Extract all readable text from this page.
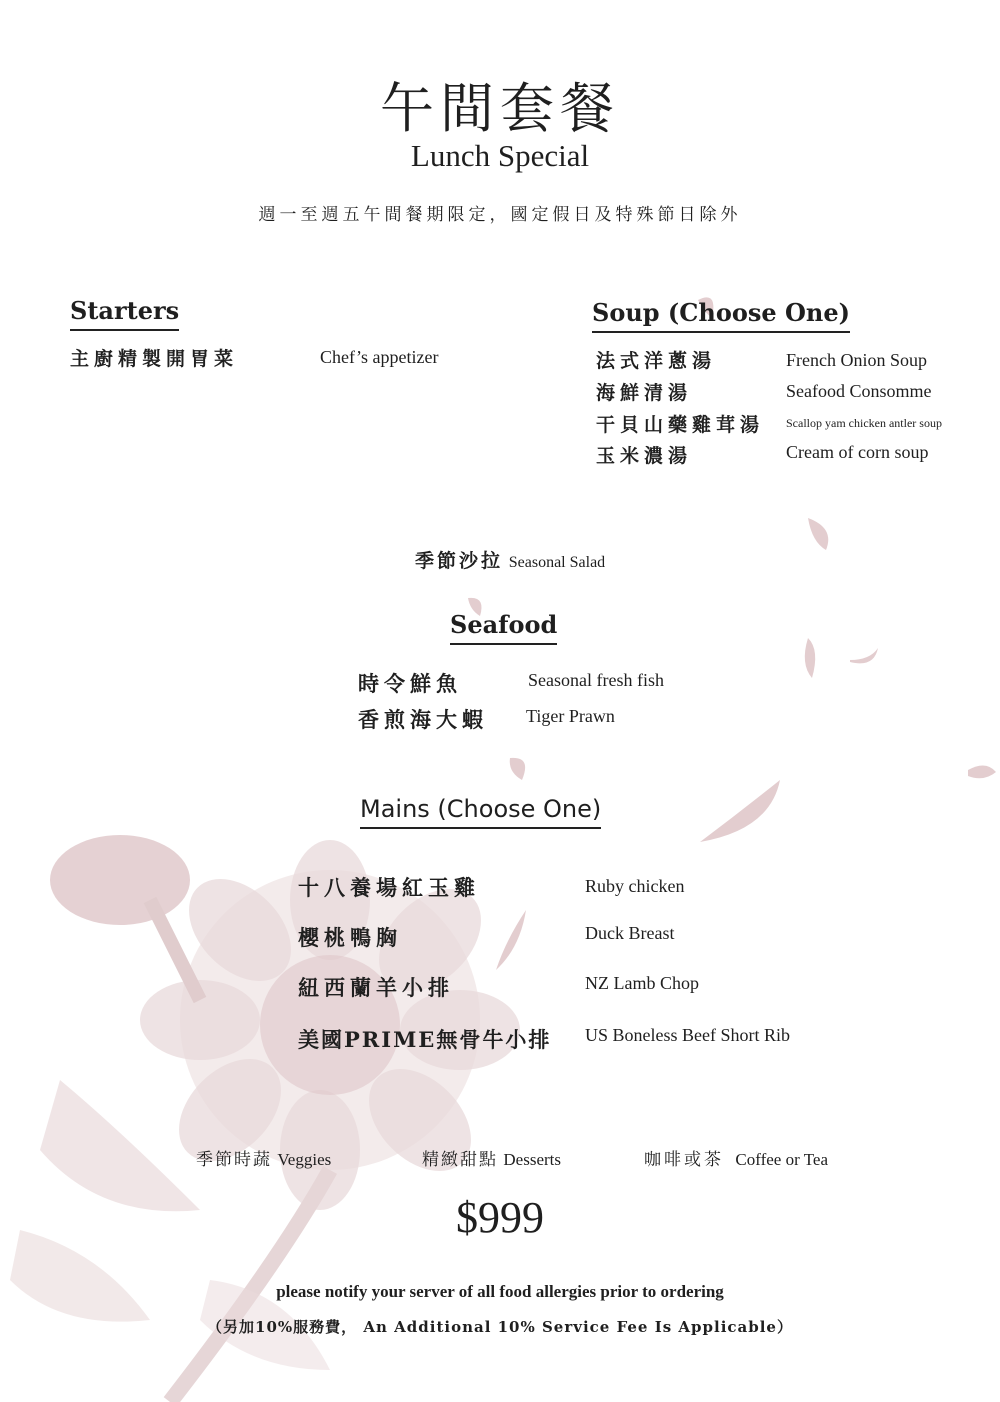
午間套餐
Lunch Special
週一至週五午間餐期限定，國定假日及特殊節日除外
Starters
主廚精製開胃菜	Chef’s appetizer
Soup (Choose One)
法式洋蔥湯	French Onion Soup
海鮮清湯	Seafood Consomme
干貝山藥雞茸湯 Scallop yam chicken antler soup
玉米濃湯	Cream of corn soup
季節沙拉 Seasonal Salad
Seafood
時令鮮魚	Seasonal fresh fish
香煎海大蝦 Tiger Prawn
Mains (Choose One)
十八養場紅玉雞	Ruby chicken
櫻桃鴨胸	Duck Breast
紐西蘭羊小排	NZ Lamb Chop
美國PRIME無骨牛小排 US Boneless Beef Short Rib
季節時蔬 Veggies	精緻甜點 Desserts	咖啡或茶 Coffee or Tea
$999
please notify your server of all food allergies prior to ordering
（另加10%服務費， An Additional 10% Service Fee Is Applicable）
